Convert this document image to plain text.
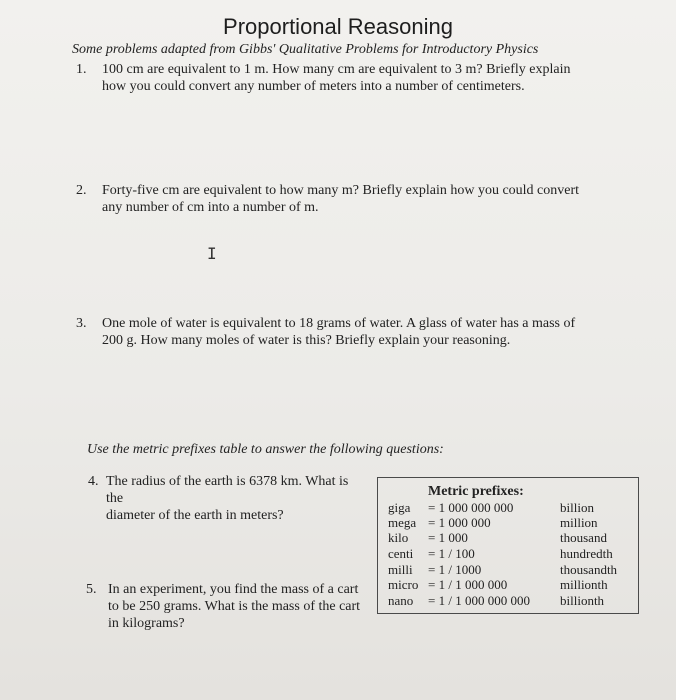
Proportional Reasoning
Some problems adapted from Gibbs' Qualitative Problems for Introductory Physics
1. 100 cm are equivalent to 1 m. How many cm are equivalent to 3 m? Briefly explain
how you could convert any number of meters into a number of centimeters.
2. Forty-five cm are equivalent to how many m? Briefly explain how you could convert
any number of cm into a number of m.
I
3. One mole of water is equivalent to 18 grams of water. A glass of water has a mass of
200 g. How many moles of water is this? Briefly explain your reasoning.
Use the metric prefixes table to answer the following questions:
4. The radius of the earth is 6378 km. What is the
diameter of the earth in meters?
5. In an experiment, you find the mass of a cart
to be 250 grams. What is the mass of the cart
in kilograms?
Metric prefixes:
giga = 1 000 000 000	billion
mega = 1 000 000	million
kilo = 1 000	thousand
centi = 1 / 100	hundredth
milli = 1 / 1000	thousandth
micro = 1 / 1 000 000	millionth
nano = 1 / 1 000 000 000 billionth
